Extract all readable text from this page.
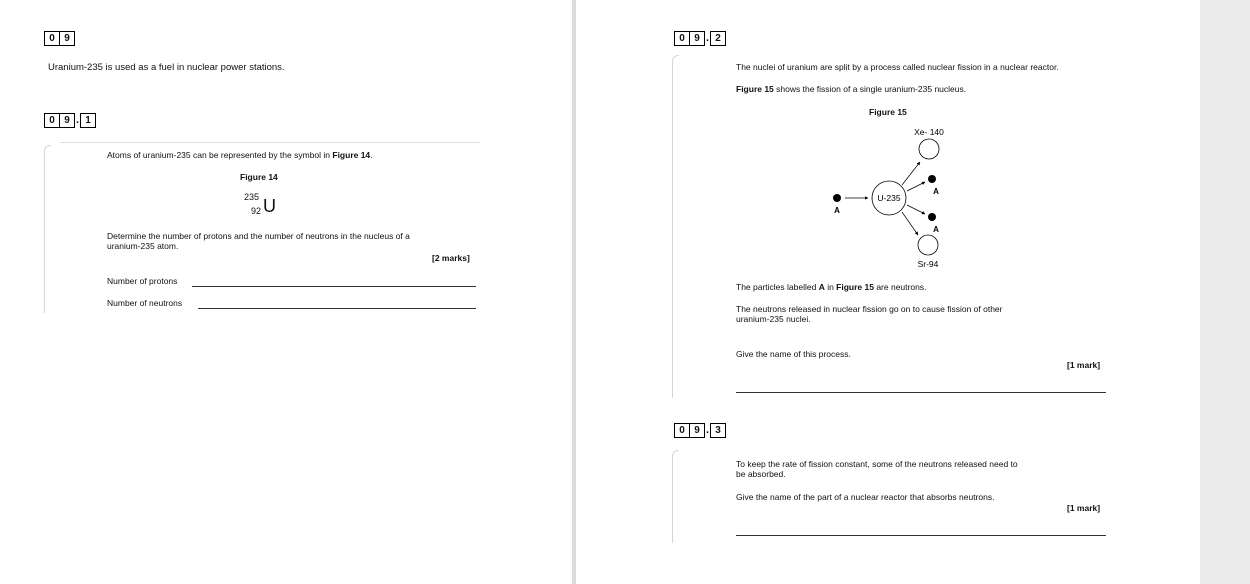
0 9
Uranium-235 is used as a fuel in nuclear power stations.
0 9 . 1
Atoms of uranium-235 can be represented by the symbol in Figure 14.
Figure 14
235
92 U
Determine the number of protons and the number of neutrons in the nucleus of a
uranium-235 atom.
[2 marks]
Number of protons
Number of neutrons
0 9 . 2
The nuclei of uranium are split by a process called nuclear fission in a nuclear reactor.
Figure 15 shows the fission of a single uranium-235 nucleus.
Figure 15
Xe- 140
U-235
A
A
A
Sr-94
The particles labelled A in Figure 15 are neutrons.
The neutrons released in nuclear fission go on to cause fission of other
uranium-235 nuclei.
Give the name of this process.
[1 mark]
0 9 . 3
To keep the rate of fission constant, some of the neutrons released need to
be absorbed.
Give the name of the part of a nuclear reactor that absorbs neutrons.
[1 mark]
